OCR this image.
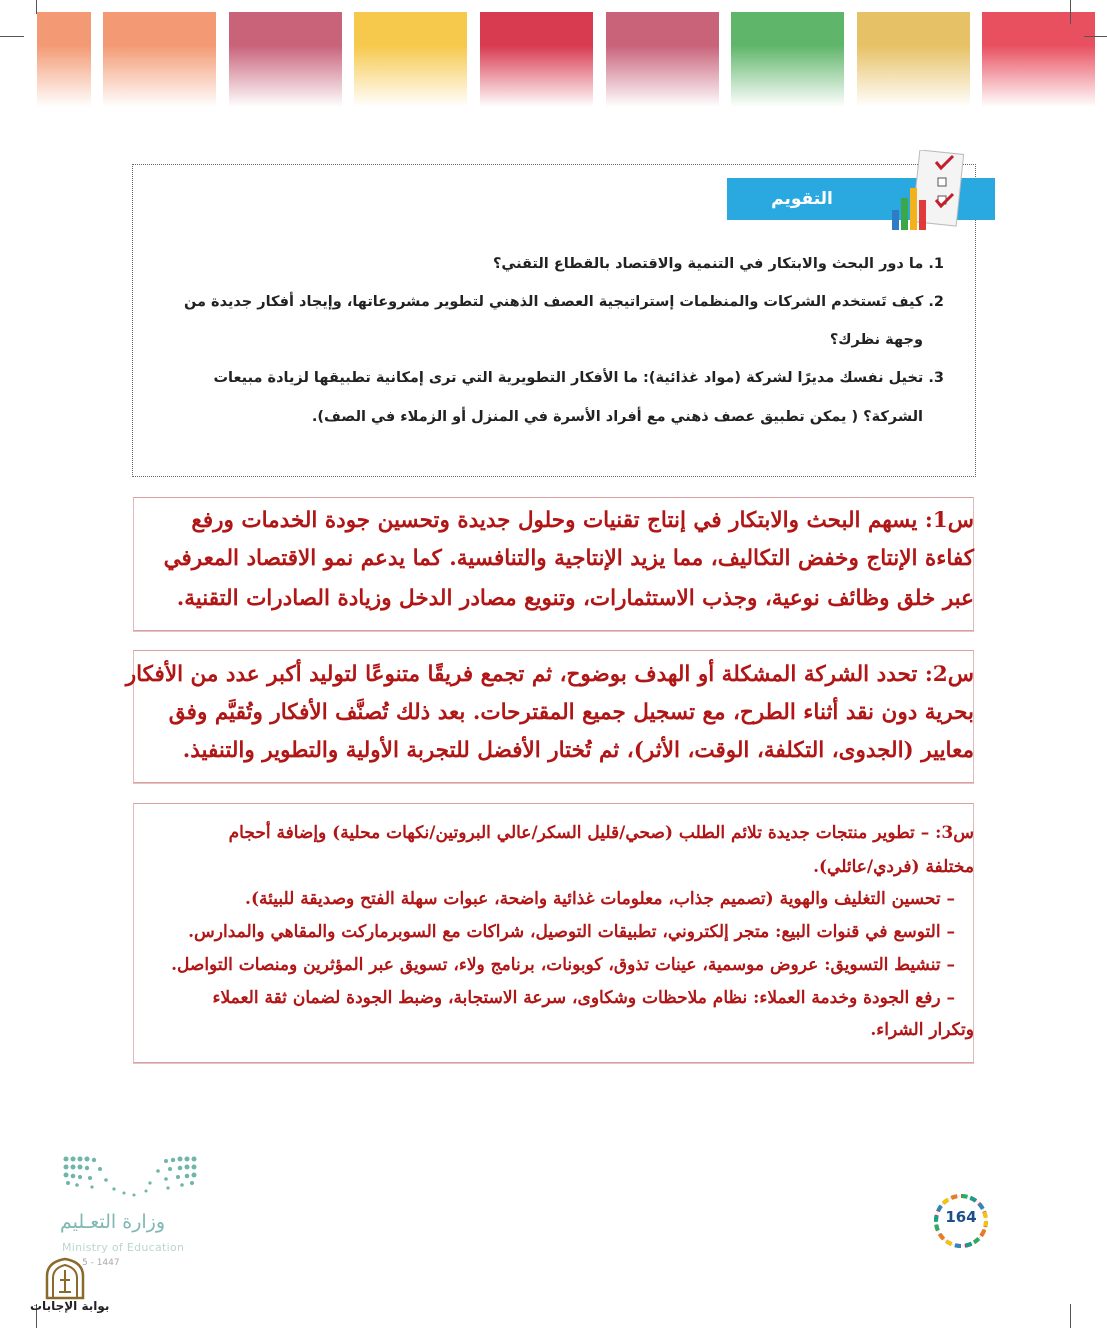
التقويم
1. ما دور البحث والابتكار في التنمية والاقتصاد بالقطاع التقني؟
2. كيف تَستخدم الشركات والمنظمات إستراتيجية العصف الذهني لتطوير مشروعاتها، وإيجاد أفكار جديدة من
وجهة نظرك؟
3. تخيل نفسك مديرًا لشركة (مواد غذائية): ما الأفكار التطويرية التي ترى إمكانية تطبيقها لزيادة مبيعات
الشركة؟ ( يمكن تطبيق عصف ذهني مع أفراد الأسرة في المنزل أو الزملاء في الصف).
س1: يسهم البحث والابتكار في إنتاج تقنيات وحلول جديدة وتحسين جودة الخدمات ورفع
كفاءة الإنتاج وخفض التكاليف، مما يزيد الإنتاجية والتنافسية. كما يدعم نمو الاقتصاد المعرفي
عبر خلق وظائف نوعية، وجذب الاستثمارات، وتنويع مصادر الدخل وزيادة الصادرات التقنية.
س2: تحدد الشركة المشكلة أو الهدف بوضوح، ثم تجمع فريقًا متنوعًا لتوليد أكبر عدد من الأفكار
بحرية دون نقد أثناء الطرح، مع تسجيل جميع المقترحات. بعد ذلك تُصنَّف الأفكار وتُقيَّم وفق
معايير (الجدوى، التكلفة، الوقت، الأثر)، ثم تُختار الأفضل للتجربة الأولية والتطوير والتنفيذ.
س3: – تطوير منتجات جديدة تلائم الطلب (صحي/قليل السكر/عالي البروتين/نكهات محلية) وإضافة أحجام
مختلفة (فردي/عائلي).
– تحسين التغليف والهوية (تصميم جذاب، معلومات غذائية واضحة، عبوات سهلة الفتح وصديقة للبيئة).
– التوسع في قنوات البيع: متجر إلكتروني، تطبيقات التوصيل، شراكات مع السوبرماركت والمقاهي والمدارس.
– تنشيط التسويق: عروض موسمية، عينات تذوق، كوبونات، برنامج ولاء، تسويق عبر المؤثرين ومنصات التواصل.
– رفع الجودة وخدمة العملاء: نظام ملاحظات وشكاوى، سرعة الاستجابة، وضبط الجودة لضمان ثقة العملاء
وتكرار الشراء.
وزارة التعـليم
Ministry of Education
5 - 1447
بوابة الإجابات
164
